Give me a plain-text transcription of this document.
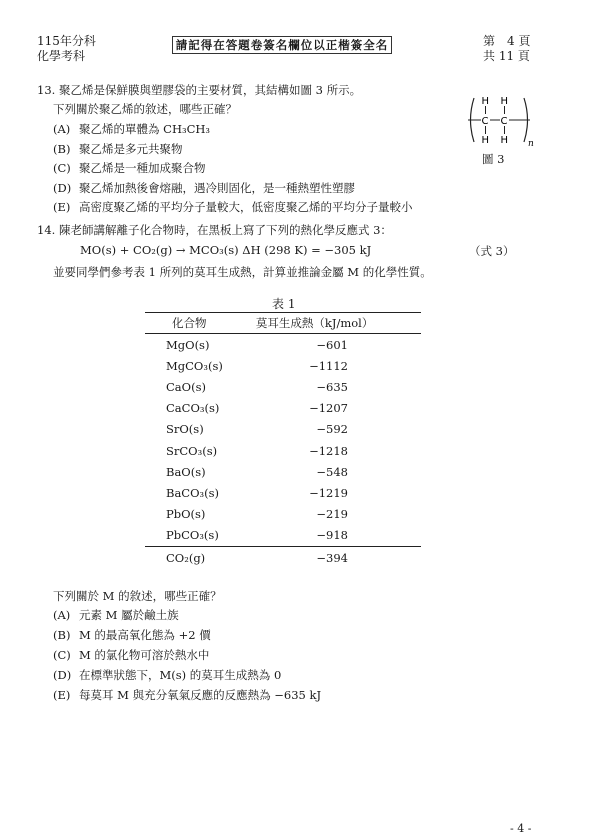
115年分科
化學考科
請記得在答題卷簽名欄位以正楷簽全名	第　4 頁
共 11 頁
13. 聚乙烯是保鮮膜與塑膠袋的主要材質，其結構如圖 3 所示。
下列關於聚乙烯的敘述，哪些正確？
(A) 聚乙烯的單體為 CH₃CH₃
(B) 聚乙烯是多元共聚物
(C) 聚乙烯是一種加成聚合物
(D) 聚乙烯加熱後會熔融，遇冷則固化，是一種熱塑性塑膠
(E) 高密度聚乙烯的平均分子量較大，低密度聚乙烯的平均分子量較小
H H
C C
H H n
圖 3
14. 陳老師講解離子化合物時，在黑板上寫了下列的熱化學反應式 3：
MO(s) + CO₂(g) → MCO₃(s) ΔH (298 K) = −305 kJ	（式 3）
並要同學們參考表 1 所列的莫耳生成熱，計算並推論金屬 M 的化學性質。
表 1
化合物	莫耳生成熱（kJ/mol）
MgO(s)	−601
MgCO₃(s)	−1112
CaO(s)	−635
CaCO₃(s)	−1207
SrO(s)	−592
SrCO₃(s)	−1218
BaO(s)	−548
BaCO₃(s)	−1219
PbO(s)	−219
PbCO₃(s)	−918
CO₂(g)	−394
下列關於 M 的敘述，哪些正確？
(A) 元素 M 屬於鹼土族
(B) M 的最高氧化態為 +2 價
(C) M 的氯化物可溶於熱水中
(D) 在標準狀態下，M(s) 的莫耳生成熱為 0
(E) 每莫耳 M 與充分氧氣反應的反應熱為 −635 kJ
- 4 -
